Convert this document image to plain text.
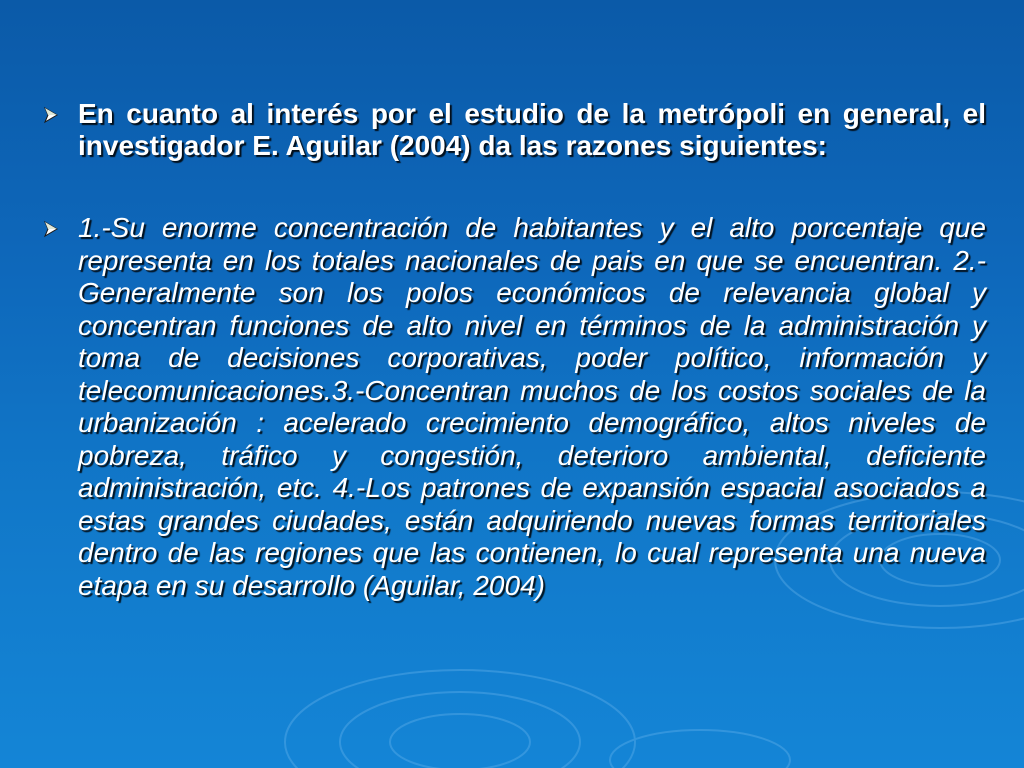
En cuanto al interés por el estudio de la metrópoli en general, el investigador E. Aguilar (2004) da las razones siguientes:
1.-Su enorme concentración de habitantes y el alto porcentaje que representa en los totales nacionales de pais en que se encuentran. 2.-Generalmente son los polos económicos de relevancia global y concentran funciones de alto nivel en términos de la administración y toma de decisiones corporativas, poder político, información y telecomunicaciones.3.-Concentran muchos de los costos sociales de la urbanización : acelerado crecimiento demográfico, altos niveles de pobreza, tráfico y congestión, deterioro ambiental, deficiente administración, etc. 4.-Los patrones de expansión espacial asociados a estas grandes ciudades, están adquiriendo nuevas formas territoriales dentro de las regiones que las contienen, lo cual representa una nueva etapa en su desarrollo (Aguilar, 2004)
